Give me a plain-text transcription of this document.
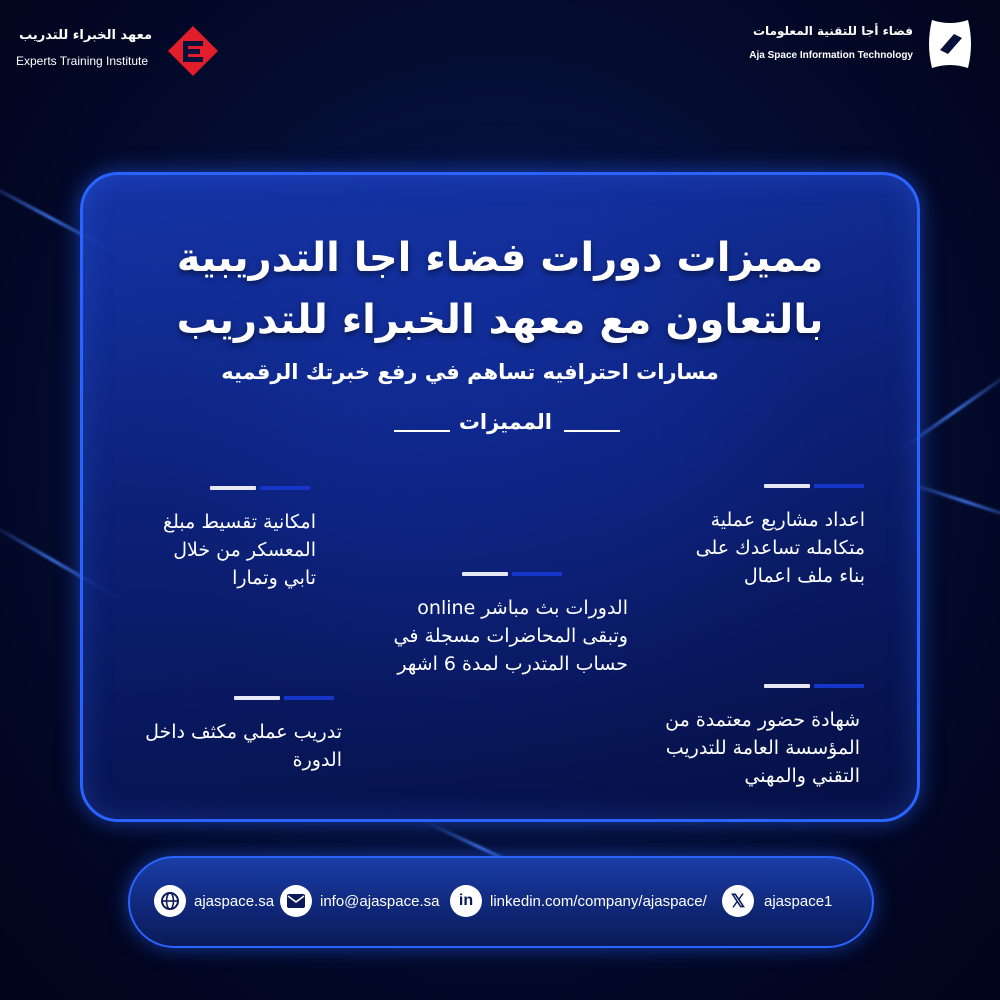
معهد الخبراء للتدريب
Experts Training Institute
فضاء أجا للتقنية المعلومات
Aja Space Information Technology
مميزات دورات فضاء اجا التدريبية
بالتعاون مع معهد الخبراء للتدريب
مسارات احترافيه تساهم في رفع خبرتك الرقميه
المميزات
اعداد مشاريع عملية
متكامله تساعدك على
بناء ملف اعمال
امكانية تقسيط مبلغ
المعسكر من خلال
تابي وتمارا
الدورات بث مباشر online
وتبقى المحاضرات مسجلة في
حساب المتدرب لمدة 6 اشهر
شهادة حضور معتمدة من
المؤسسة العامة للتدريب
التقني والمهني
تدريب عملي مكثف داخل
الدورة
ajaspace.sa	info@ajaspace.sa in linkedin.com/company/ajaspace/ 𝕏 ajaspace1
